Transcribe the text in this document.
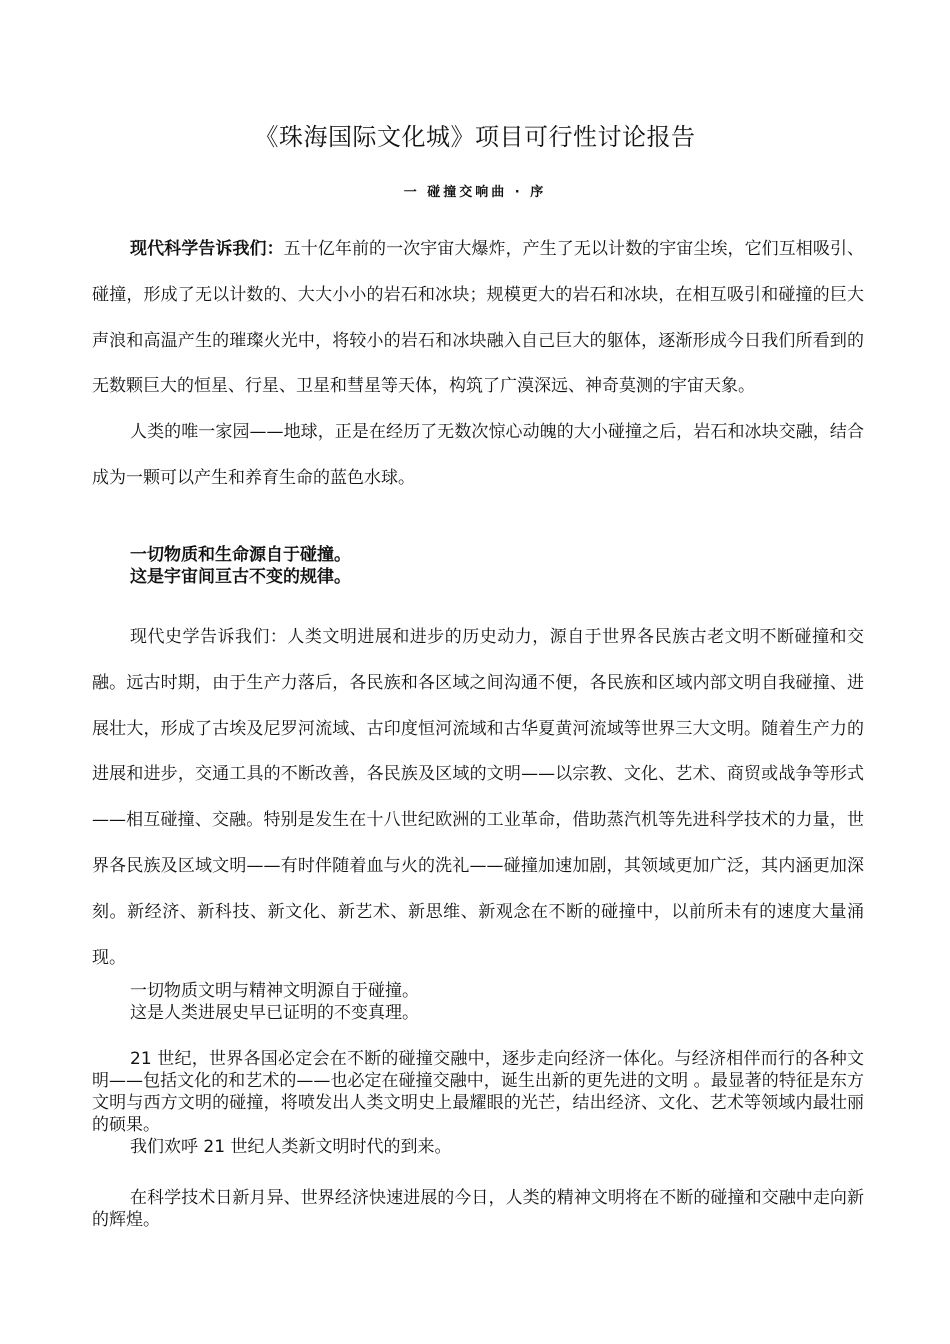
《珠海国际文化城》项目可行性讨论报告
一 碰撞交响曲 · 序

现代科学告诉我们：五十亿年前的一次宇宙大爆炸，产生了无以计数的宇宙尘埃，它们互相吸引、碰撞，形成了无以计数的、大大小小的岩石和冰块；规模更大的岩石和冰块，在相互吸引和碰撞的巨大声浪和高温产生的璀璨火光中，将较小的岩石和冰块融入自己巨大的躯体，逐渐形成今日我们所看到的无数颗巨大的恒星、行星、卫星和彗星等天体，构筑了广漠深远、神奇莫测的宇宙天象。

人类的唯一家园——地球，正是在经历了无数次惊心动魄的大小碰撞之后，岩石和冰块交融，结合成为一颗可以产生和养育生命的蓝色水球。

一切物质和生命源自于碰撞。

这是宇宙间亘古不变的规律。

现代史学告诉我们：人类文明进展和进步的历史动力，源自于世界各民族古老文明不断碰撞和交融。远古时期，由于生产力落后，各民族和各区域之间沟通不便，各民族和区域内部文明自我碰撞、进展壮大，形成了古埃及尼罗河流域、古印度恒河流域和古华夏黄河流域等世界三大文明。随着生产力的进展和进步，交通工具的不断改善，各民族及区域的文明——以宗教、文化、艺术、商贸或战争等形式——相互碰撞、交融。特别是发生在十八世纪欧洲的工业革命，借助蒸汽机等先进科学技术的力量，世界各民族及区域文明——有时伴随着血与火的洗礼——碰撞加速加剧，其领域更加广泛，其内涵更加深刻。新经济、新科技、新文化、新艺术、新思维、新观念在不断的碰撞中，以前所未有的速度大量涌现。

一切物质文明与精神文明源自于碰撞。

这是人类进展史早已证明的不变真理。

21 世纪，世界各国必定会在不断的碰撞交融中，逐步走向经济一体化。与经济相伴而行的各种文明——包括文化的和艺术的——也必定在碰撞交融中，诞生出新的更先进的文明 。最显著的特征是东方文明与西方文明的碰撞，将喷发出人类文明史上最耀眼的光芒，结出经济、文化、艺术等领域内最壮丽的硕果。

我们欢呼 21 世纪人类新文明时代的到来。

在科学技术日新月异、世界经济快速进展的今日，人类的精神文明将在不断的碰撞和交融中走向新的辉煌。
